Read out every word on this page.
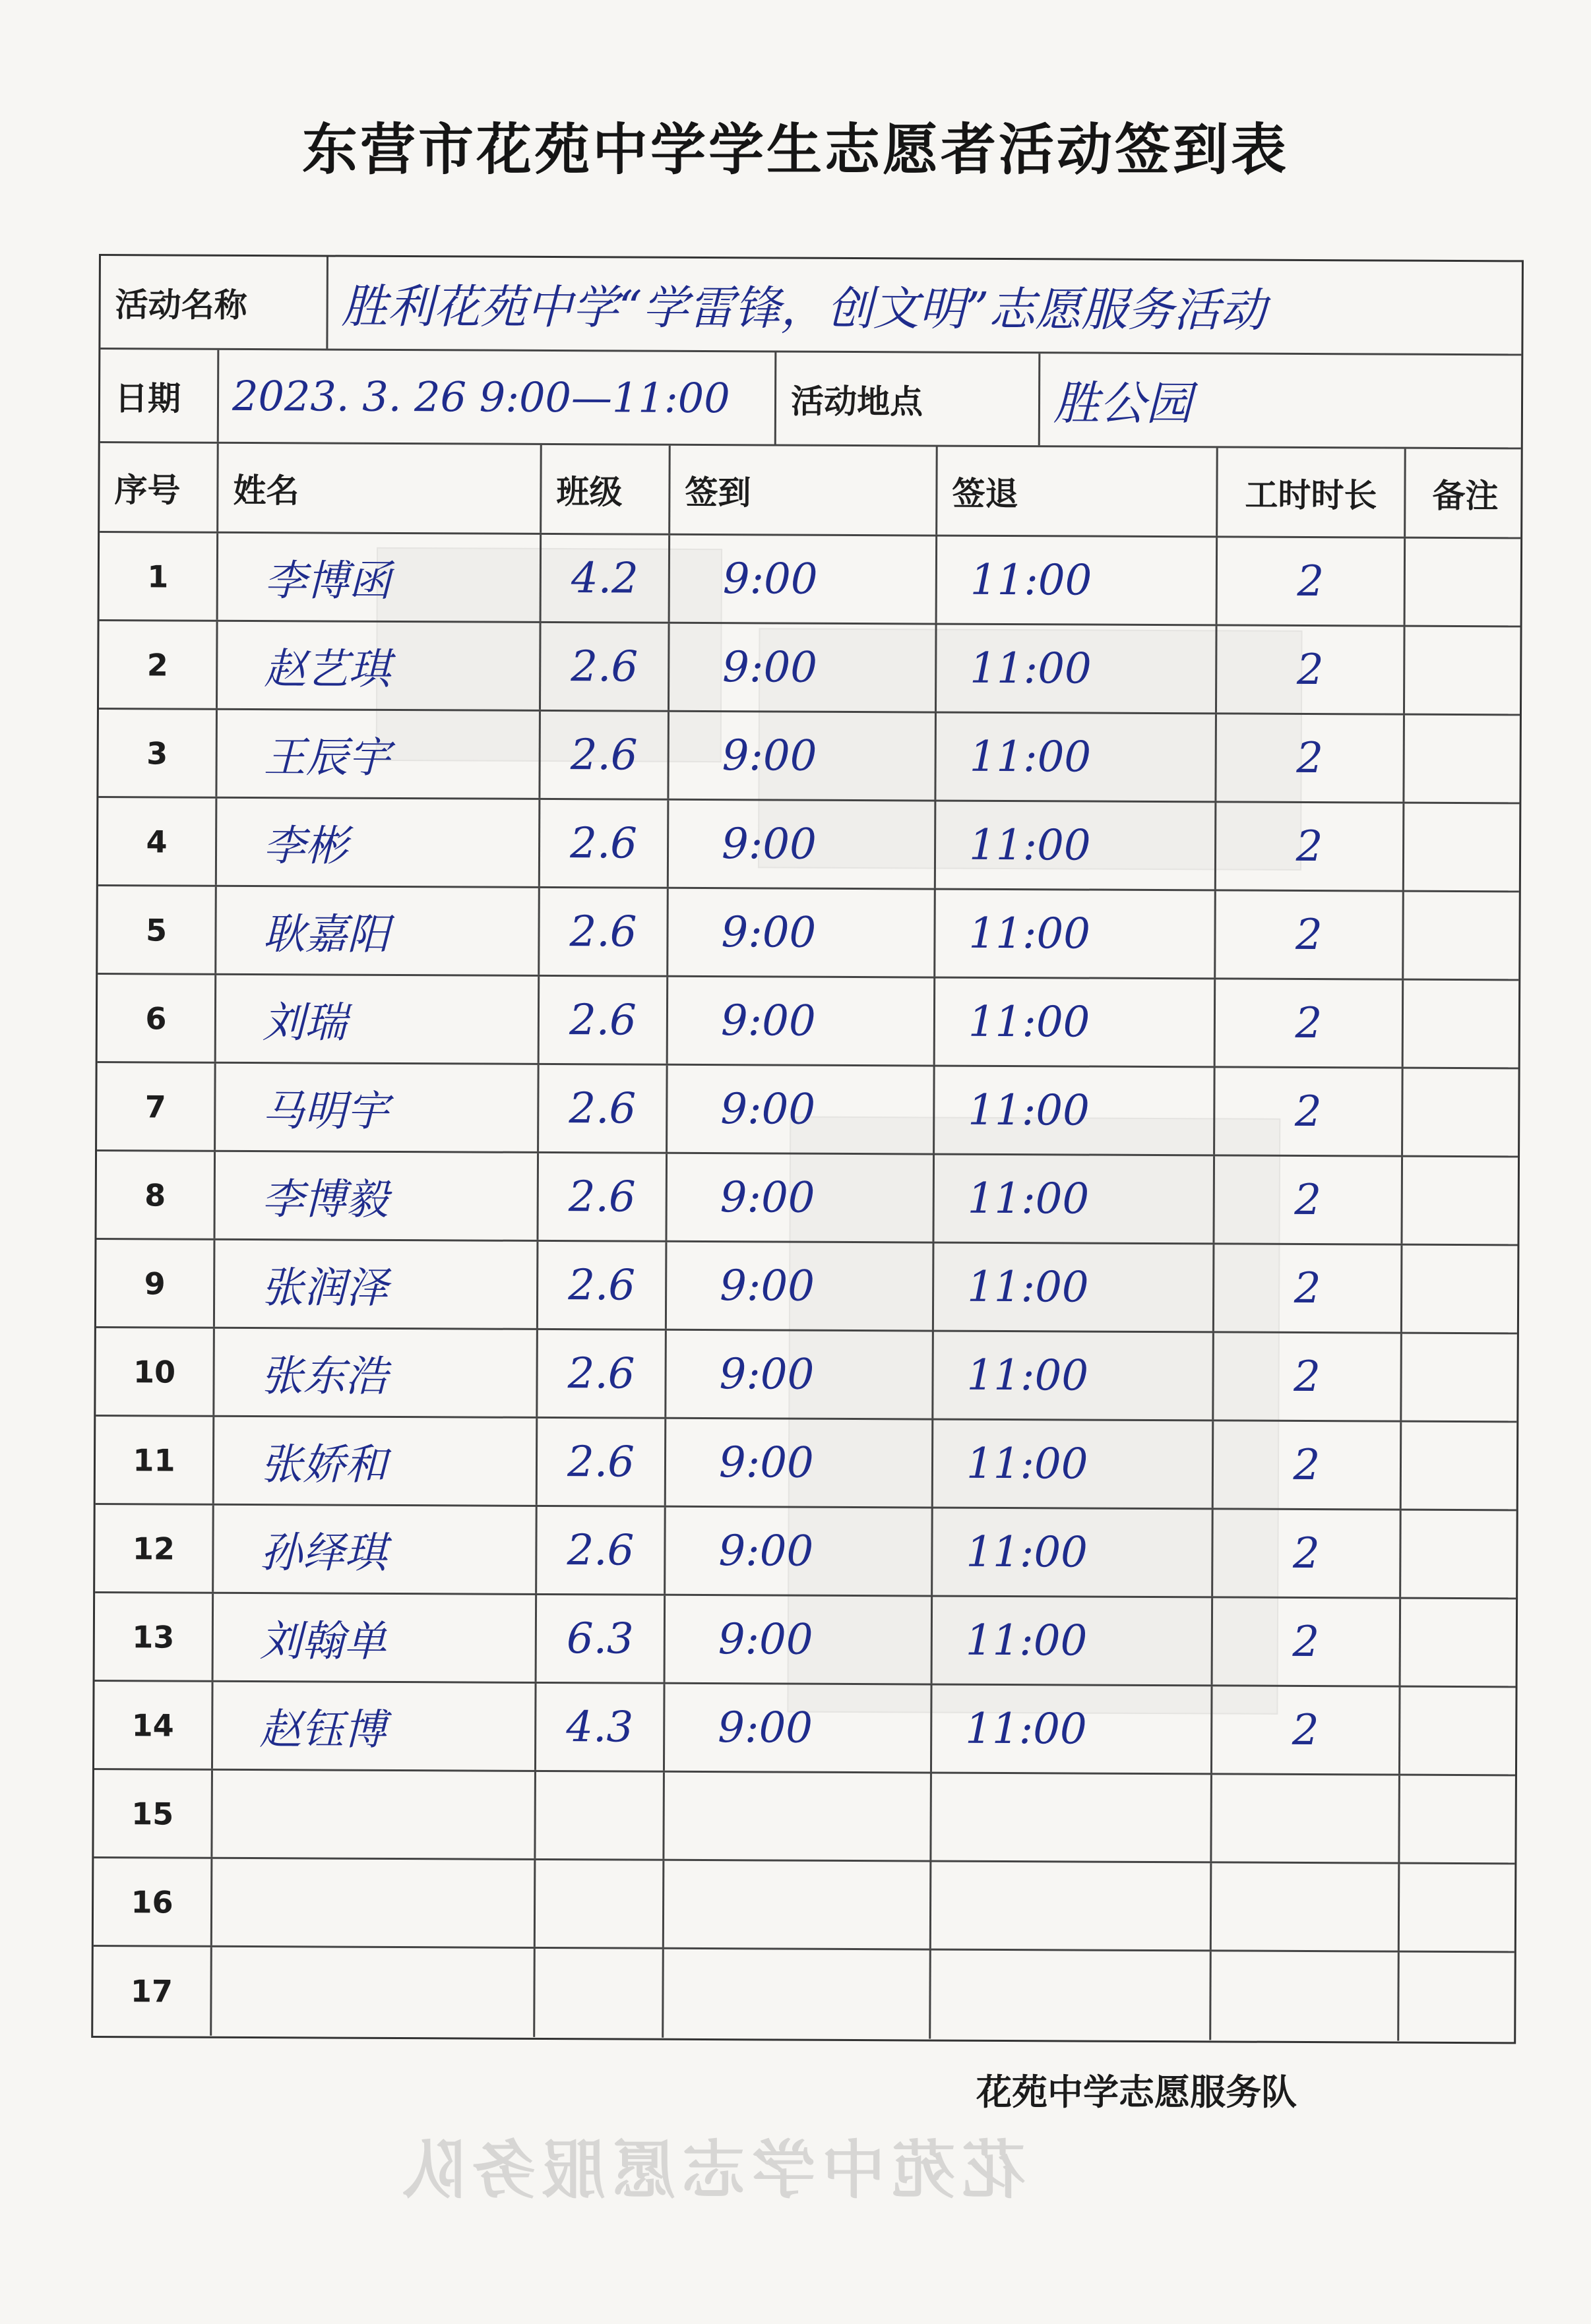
东营市花苑中学学生志愿者活动签到表
活动名称 胜利花苑中学“学雷锋，创文明”志愿服务活动
日期 2023. 3. 26 9:00—11:00	活动地点	胜公园
序号	姓名	班级	签到	签退	工时时长 备注
1 李博函	4.2 9:00	11:00	2
2 赵艺琪	2.6 9:00	11:00	2
3 王辰宇	2.6 9:00	11:00	2
4 李彬	2.6 9:00	11:00	2
5 耿嘉阳	2.6 9:00	11:00	2
6 刘瑞	2.6 9:00	11:00	2
7 马明宇	2.6 9:00	11:00	2
8 李博毅	2.6 9:00	11:00	2
9 张润泽	2.6 9:00	11:00	2
10 张东浩	2.6 9:00	11:00	2
11 张娇和	2.6 9:00	11:00	2
12 孙绎琪	2.6 9:00	11:00	2
13 刘翰单	6.3 9:00	11:00	2
14 赵钰博	4.3 9:00	11:00	2
15
16
17
花苑中学志愿服务队
花苑中学志愿服务队
